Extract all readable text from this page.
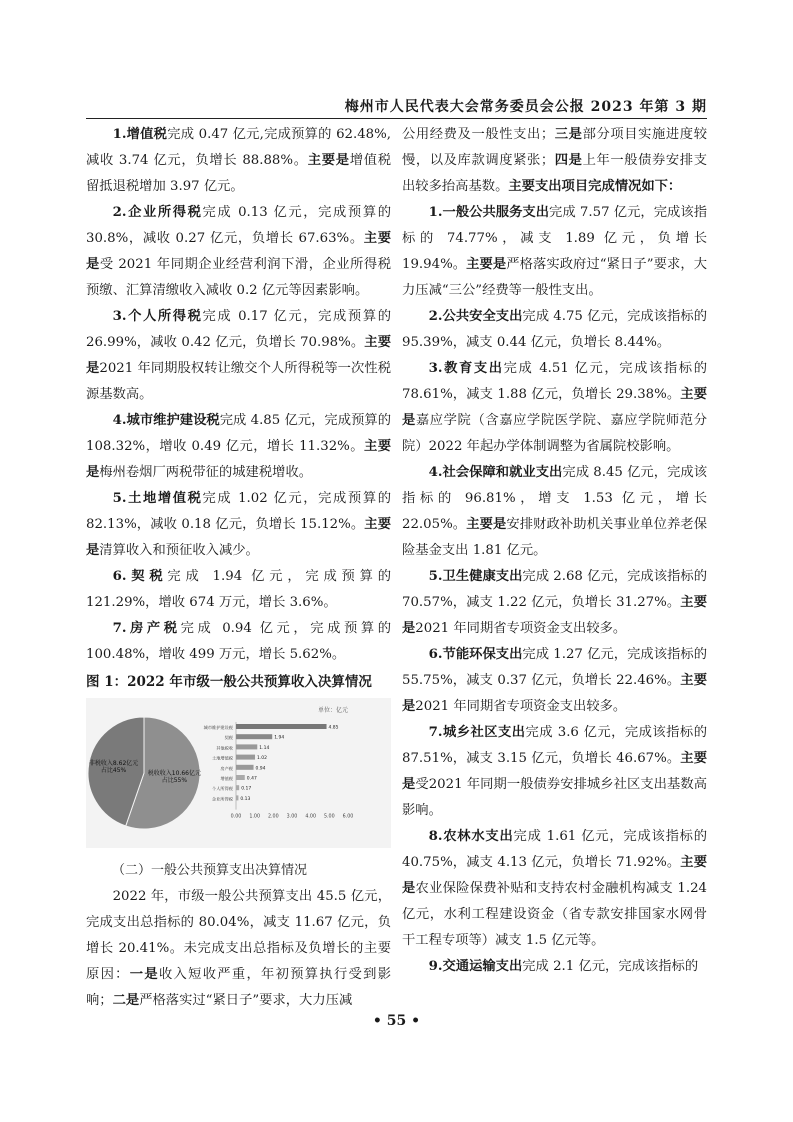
梅州市人民代表大会常务委员会公报 2023 年第 3 期

1.增值税完成 0.47 亿元,完成预算的 62.48%,减收 3.74 亿元，负增长 88.88%。主要是增值税留抵退税增加 3.97 亿元。

2.企业所得税完成 0.13 亿元，完成预算的 30.8%，减收 0.27 亿元，负增长 67.63%。主要是受 2021 年同期企业经营利润下滑，企业所得税预缴、汇算清缴收入减收 0.2 亿元等因素影响。

3.个人所得税完成 0.17 亿元，完成预算的 26.99%，减收 0.42 亿元，负增长 70.98%。主要是2021 年同期股权转让缴交个人所得税等一次性税源基数高。

4.城市维护建设税完成 4.85 亿元，完成预算的 108.32%，增收 0.49 亿元，增长 11.32%。主要是梅州卷烟厂两税带征的城建税增收。

5.土地增值税完成 1.02 亿元，完成预算的 82.13%，减收 0.18 亿元，负增长 15.12%。主要是清算收入和预征收入减少。

6.契税完成 1.94 亿元，完成预算的 121.29%，增收 674 万元，增长 3.6%。

7.房产税完成 0.94 亿元，完成预算的 100.48%，增收 499 万元，增长 5.62%。

图 1：2022 年市级一般公共预算收入决算情况
税收收入10.66亿元占比55%
非税收入8.62亿元占比45%
单位：亿元
城市维护建设税	4.85
契税	1.94
其他税收	1.14
土地增值税	1.02
房产税	0.94
增值税	0.47
个人所得税 0.17
企业所得税 0.13
0.00 1.00 2.00 3.00 4.00 5.00 6.00
（二）一般公共预算支出决算情况

2022 年，市级一般公共预算支出 45.5 亿元，完成支出总指标的 80.04%，减支 11.67 亿元，负增长 20.41%。未完成支出总指标及负增长的主要原因：一是收入短收严重，年初预算执行受到影响；二是严格落实过“紧日子”要求，大力压减

公用经费及一般性支出；三是部分项目实施进度较慢，以及库款调度紧张；四是上年一般债券安排支出较多抬高基数。主要支出项目完成情况如下：

1.一般公共服务支出完成 7.57 亿元，完成该指标的 74.77%，减支 1.89 亿元，负增长 19.94%。主要是严格落实政府过“紧日子”要求，大力压减“三公”经费等一般性支出。

2.公共安全支出完成 4.75 亿元，完成该指标的 95.39%，减支 0.44 亿元，负增长 8.44%。

3.教育支出完成 4.51 亿元，完成该指标的 78.61%，减支 1.88 亿元，负增长 29.38%。主要是嘉应学院（含嘉应学院医学院、嘉应学院师范分院）2022 年起办学体制调整为省属院校影响。

4.社会保障和就业支出完成 8.45 亿元，完成该指标的 96.81%，增支 1.53 亿元，增长 22.05%。主要是安排财政补助机关事业单位养老保险基金支出 1.81 亿元。

5.卫生健康支出完成 2.68 亿元，完成该指标的 70.57%，减支 1.22 亿元，负增长 31.27%。主要是2021 年同期省专项资金支出较多。

6.节能环保支出完成 1.27 亿元，完成该指标的 55.75%，减支 0.37 亿元，负增长 22.46%。主要是2021 年同期省专项资金支出较多。

7.城乡社区支出完成 3.6 亿元，完成该指标的 87.51%，减支 3.15 亿元，负增长 46.67%。主要是受2021 年同期一般债券安排城乡社区支出基数高影响。

8.农林水支出完成 1.61 亿元，完成该指标的 40.75%，减支 4.13 亿元，负增长 71.92%。主要是农业保险保费补贴和支持农村金融机构减支 1.24 亿元，水利工程建设资金（省专款安排国家水网骨干工程专项等）减支 1.5 亿元等。

9.交通运输支出完成 2.1 亿元，完成该指标的

• 55 •
